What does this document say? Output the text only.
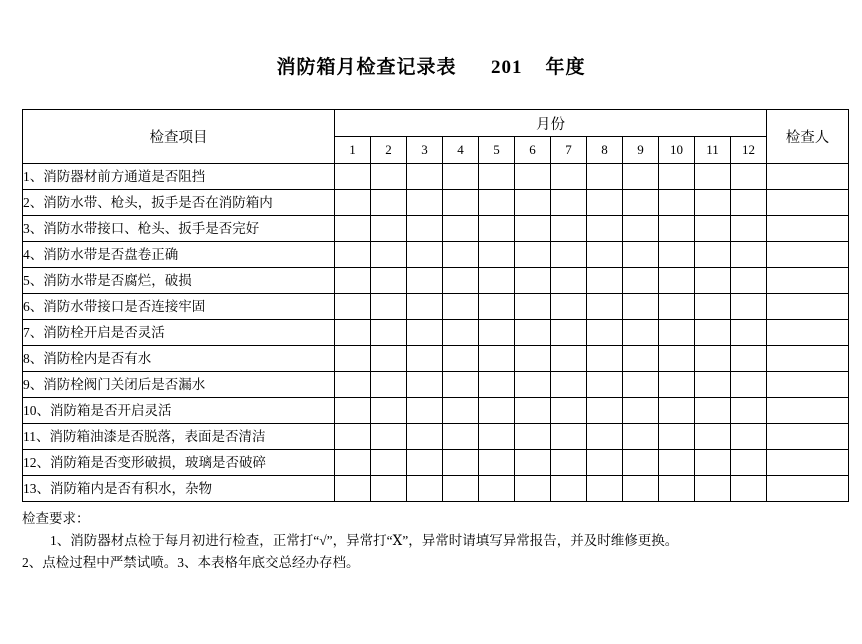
消防箱月检查记录表      201    年度
检查项目	月份												检查人
	1	2	3	4	5	6	7	8	9	10	11	12	
1、消防器材前方通道是否阻挡													
2、消防水带、枪头，扳手是否在消防箱内													
3、消防水带接口、枪头、扳手是否完好													
4、消防水带是否盘卷正确													
5、消防水带是否腐烂，破损													
6、消防水带接口是否连接牢固													
7、消防栓开启是否灵活													
8、消防栓内是否有水													
9、消防栓阀门关闭后是否漏水													
10、消防箱是否开启灵活													
11、消防箱油漆是否脱落，表面是否清洁													
12、消防箱是否变形破损，玻璃是否破碎													
13、消防箱内是否有积水，杂物													
检查要求：
1、消防器材点检于每月初进行检查，正常打“√”，异常打“Ⅹ”，异常时请填写异常报告，并及时维修更换。
2、点检过程中严禁试喷。3、本表格年底交总经办存档。
